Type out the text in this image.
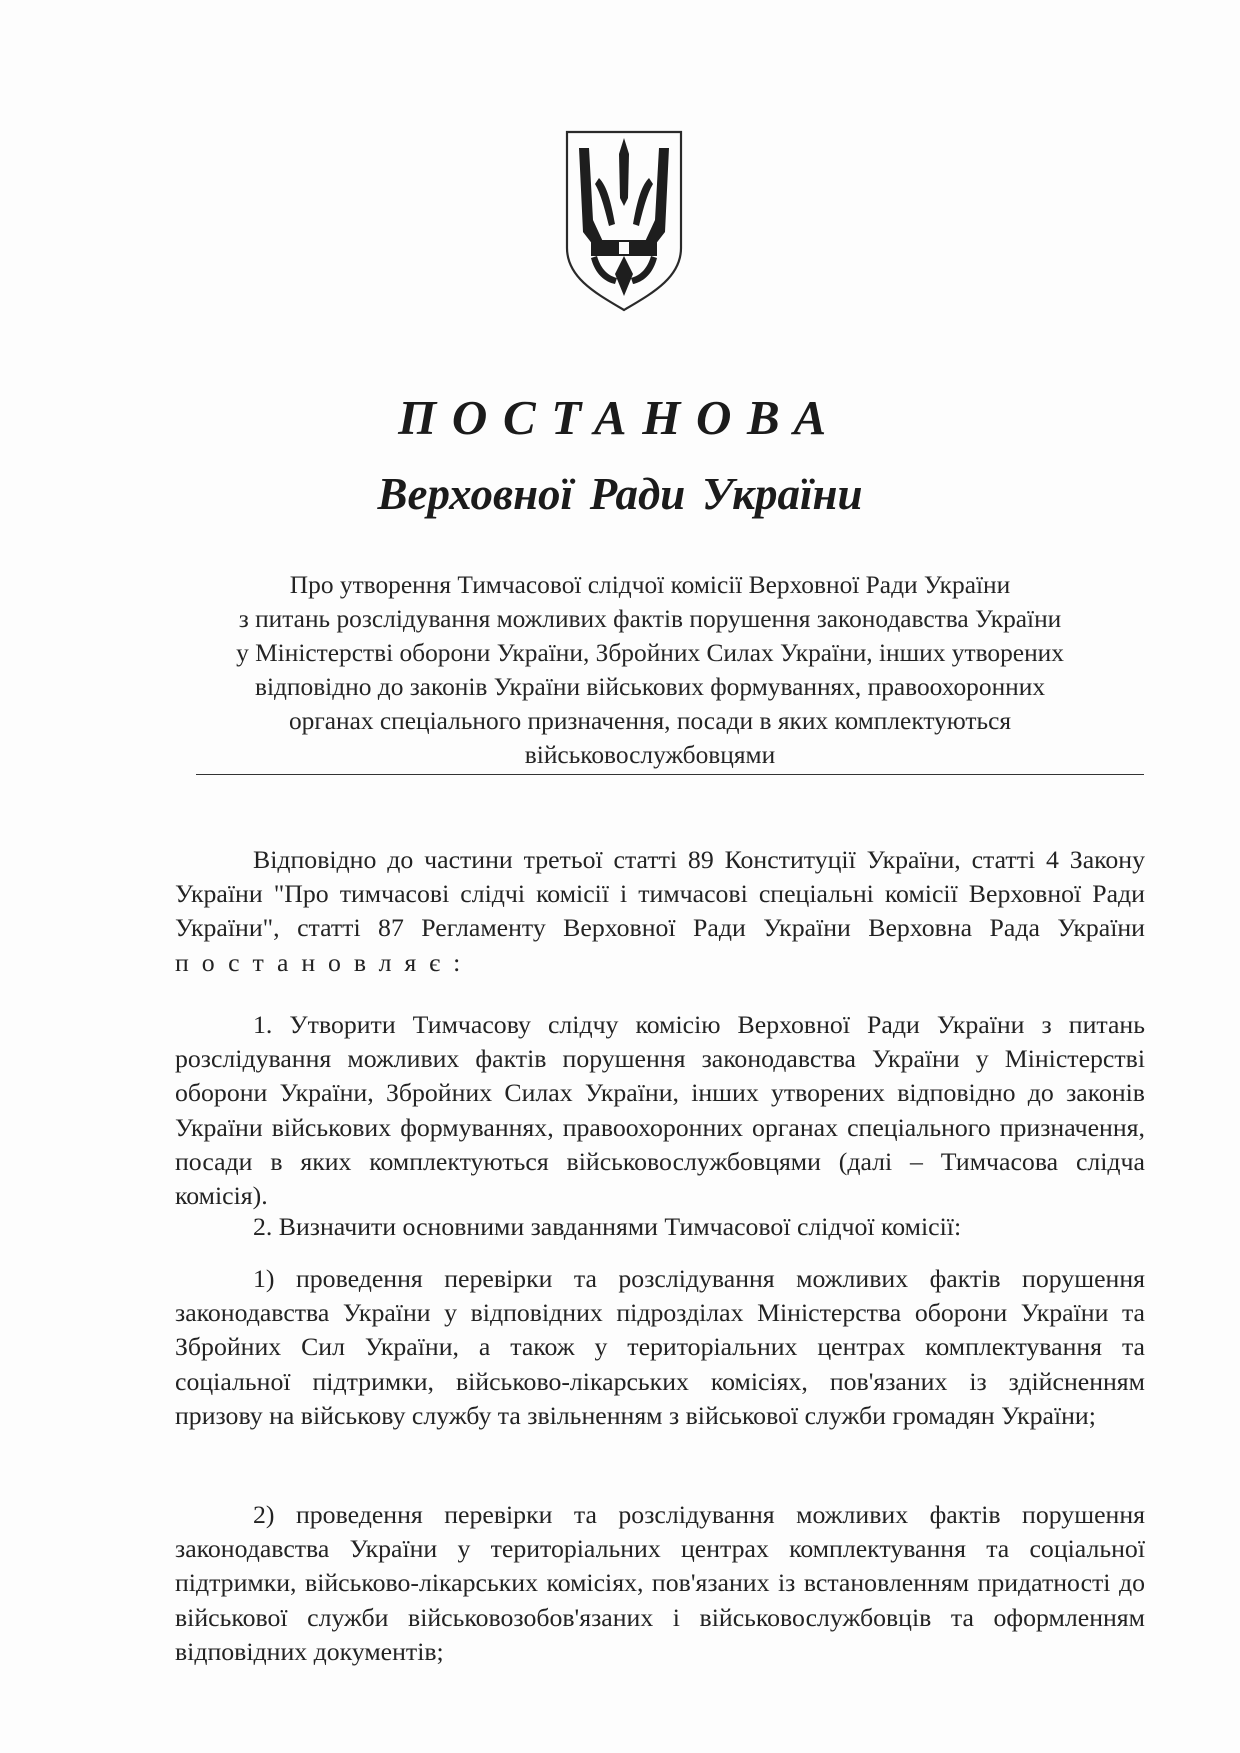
ПОСТАНОВА
Верховної Ради України
Про утворення Тимчасової слідчої комісії Верховної Ради України
з питань розслідування можливих фактів порушення законодавства України
у Міністерстві оборони України, Збройних Силах України, інших утворених
відповідно до законів України військових формуваннях, правоохоронних
органах спеціального призначення, посади в яких комплектуються
військовослужбовцями
Відповідно до частини третьої статті 89 Конституції України, статті 4 Закону України "Про тимчасові слідчі комісії і тимчасові спеціальні комісії Верховної Ради України", статті 87 Регламенту Верховної Ради України Верховна Рада України постановляє:
1. Утворити Тимчасову слідчу комісію Верховної Ради України з питань розслідування можливих фактів порушення законодавства України у Міністерстві оборони України, Збройних Силах України, інших утворених відповідно до законів України військових формуваннях, правоохоронних органах спеціального призначення, посади в яких комплектуються військовослужбовцями (далі – Тимчасова слідча комісія).
2. Визначити основними завданнями Тимчасової слідчої комісії:
1) проведення перевірки та розслідування можливих фактів порушення законодавства України у відповідних підрозділах Міністерства оборони України та Збройних Сил України, а також у територіальних центрах комплектування та соціальної підтримки, військово-лікарських комісіях, пов'язаних із здійсненням призову на військову службу та звільненням з військової служби громадян України;
2) проведення перевірки та розслідування можливих фактів порушення законодавства України у територіальних центрах комплектування та соціальної підтримки, військово-лікарських комісіях, пов'язаних із встановленням придатності до військової служби військовозобов'язаних і військовослужбовців та оформленням відповідних документів;
